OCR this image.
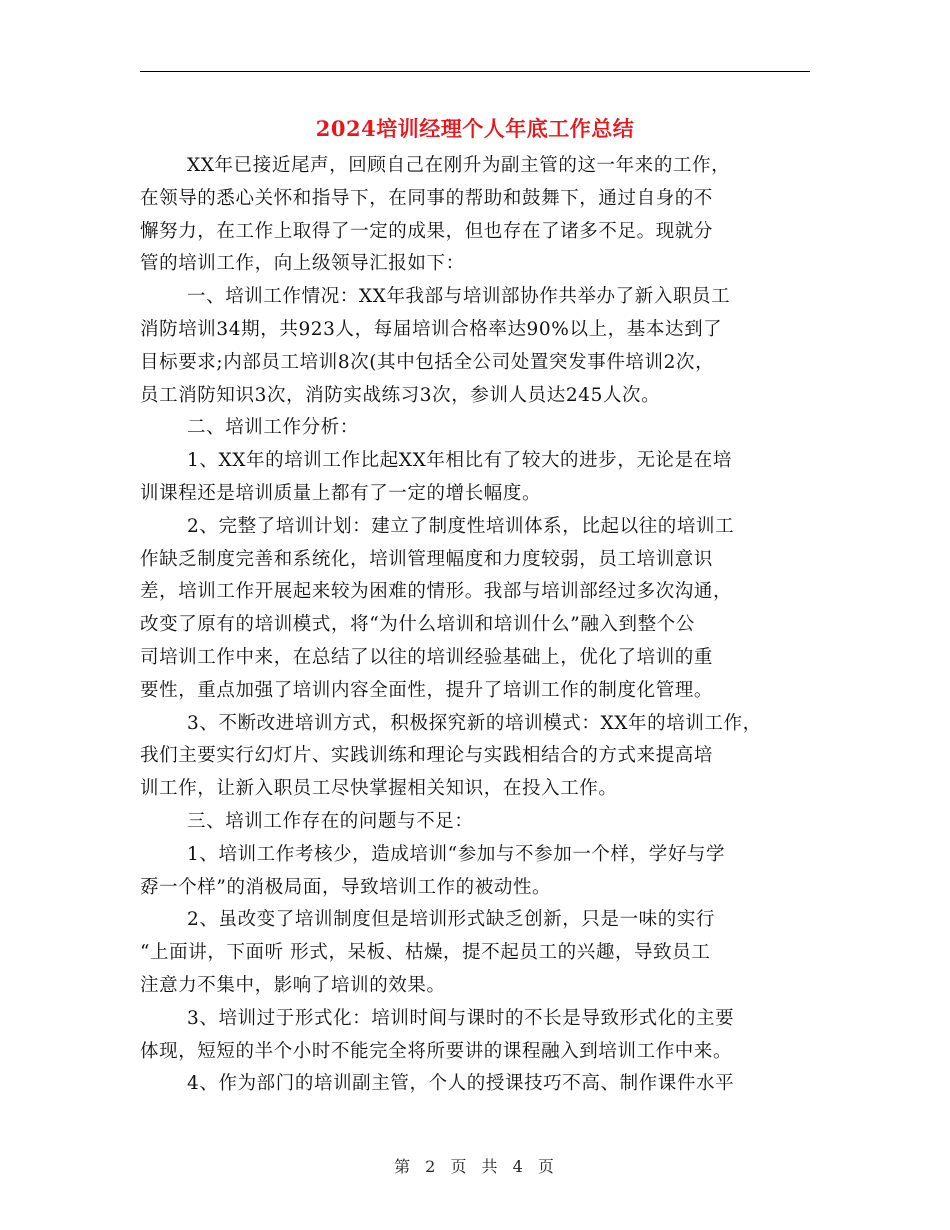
2024培训经理个人年底工作总结
XX年已接近尾声，回顾自己在刚升为副主管的这一年来的工作，
在领导的悉心关怀和指导下，在同事的帮助和鼓舞下，通过自身的不
懈努力，在工作上取得了一定的成果，但也存在了诸多不足。现就分
管的培训工作，向上级领导汇报如下：
一、培训工作情况：XX年我部与培训部协作共举办了新入职员工
消防培训34期，共923人，每届培训合格率达90%以上，基本达到了
目标要求;内部员工培训8次(其中包括全公司处置突发事件培训2次，
员工消防知识3次，消防实战练习3次，参训人员达245人次。
二、培训工作分析：
1、XX年的培训工作比起XX年相比有了较大的进步，无论是在培
训课程还是培训质量上都有了一定的增长幅度。
2、完整了培训计划：建立了制度性培训体系，比起以往的培训工
作缺乏制度完善和系统化，培训管理幅度和力度较弱，员工培训意识
差，培训工作开展起来较为困难的情形。我部与培训部经过多次沟通，
改变了原有的培训模式，将“为什么培训和培训什么”融入到整个公
司培训工作中来，在总结了以往的培训经验基础上，优化了培训的重
要性，重点加强了培训内容全面性，提升了培训工作的制度化管理。
3、不断改进培训方式，积极探究新的培训模式：XX年的培训工作，
我们主要实行幻灯片、实践训练和理论与实践相结合的方式来提高培
训工作，让新入职员工尽快掌握相关知识，在投入工作。
三、培训工作存在的问题与不足：
1、培训工作考核少，造成培训“参加与不参加一个样，学好与学
孬一个样”的消极局面，导致培训工作的被动性。
2、虽改变了培训制度但是培训形式缺乏创新，只是一味的实行
“上面讲，下面听 形式，呆板、枯燥，提不起员工的兴趣，导致员工
注意力不集中，影响了培训的效果。
3、培训过于形式化：培训时间与课时的不长是导致形式化的主要
体现，短短的半个小时不能完全将所要讲的课程融入到培训工作中来。
4、作为部门的培训副主管，个人的授课技巧不高、制作课件水平
第 2 页 共 4 页
